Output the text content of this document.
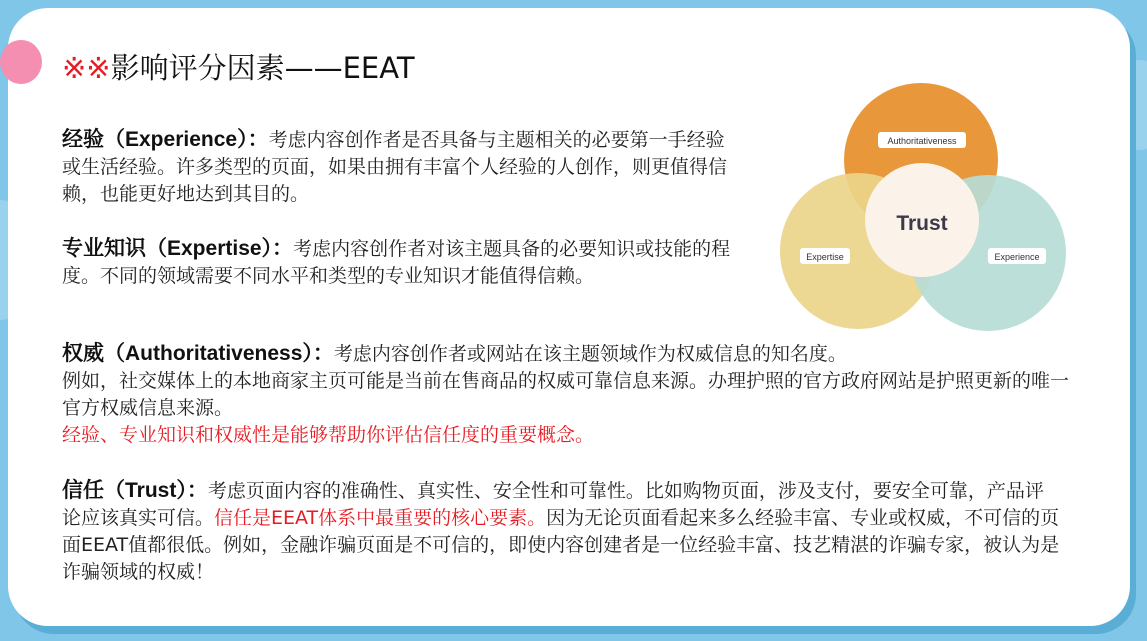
※※影响评分因素——EEAT

经验（Experience）：考虑内容创作者是否具备与主题相关的必要第一手经验或生活经验。许多类型的页面，如果由拥有丰富个人经验的人创作，则更值得信赖，也能更好地达到其目的。

专业知识（Expertise）：考虑内容创作者对该主题具备的必要知识或技能的程度。不同的领域需要不同水平和类型的专业知识才能值得信赖。

权威（Authoritativeness）：考虑内容创作者或网站在该主题领域作为权威信息的知名度。
例如，社交媒体上的本地商家主页可能是当前在售商品的权威可靠信息来源。办理护照的官方政府网站是护照更新的唯一官方权威信息来源。
经验、专业知识和权威性是能够帮助你评估信任度的重要概念。

信任（Trust）：考虑页面内容的准确性、真实性、安全性和可靠性。比如购物页面，涉及支付，要安全可靠，产品评论应该真实可信。信任是EEAT体系中最重要的核心要素。因为无论页面看起来多么经验丰富、专业或权威，不可信的页面EEAT值都很低。例如，金融诈骗页面是不可信的，即使内容创建者是一位经验丰富、技艺精湛的诈骗专家，被认为是诈骗领域的权威！

Authoritativeness
Expertise	Experience
Trust
